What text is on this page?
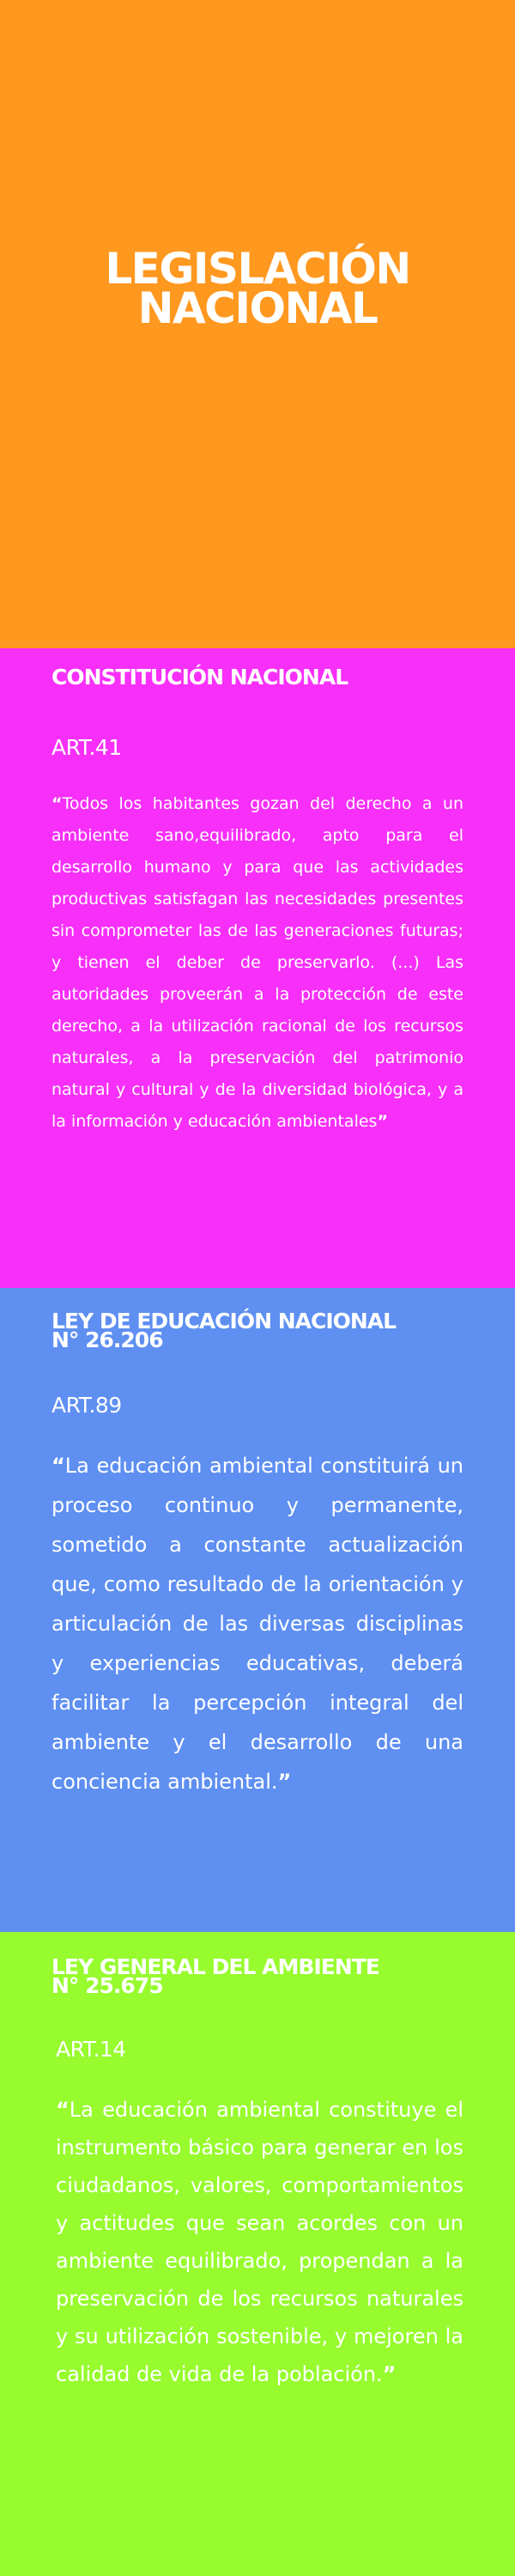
LEGISLACIÓN NACIONAL
CONSTITUCIÓN NACIONAL

ART.41

“Todos los habitantes gozan del derecho a un ambiente sano,equilibrado, apto para el desarrollo humano y para que las actividades productivas satisfagan las necesidades presentes sin comprometer las de las generaciones futuras; y tienen el deber de preservarlo. (...) Las autoridades proveerán a la protección de este derecho, a la utilización racional de los recursos naturales, a la preservación del patrimonio natural y cultural y de la diversidad biológica, y a la información y educación ambientales”

LEY DE EDUCACIÓN NACIONAL
N° 26.206

ART.89

“La educación ambiental constituirá un proceso continuo y permanente, sometido a constante actualización que, como resultado de la orientación y articulación de las diversas disciplinas y experiencias educativas, deberá facilitar la percepción integral del ambiente y el desarrollo de una conciencia ambiental.”

LEY GENERAL DEL AMBIENTE
N° 25.675

ART.14

“La educación ambiental constituye el instrumento básico para generar en los ciudadanos, valores, comportamientos y actitudes que sean acordes con un ambiente equilibrado, propendan a la preservación de los recursos naturales y su utilización sostenible, y mejoren la calidad de vida de la población.”
